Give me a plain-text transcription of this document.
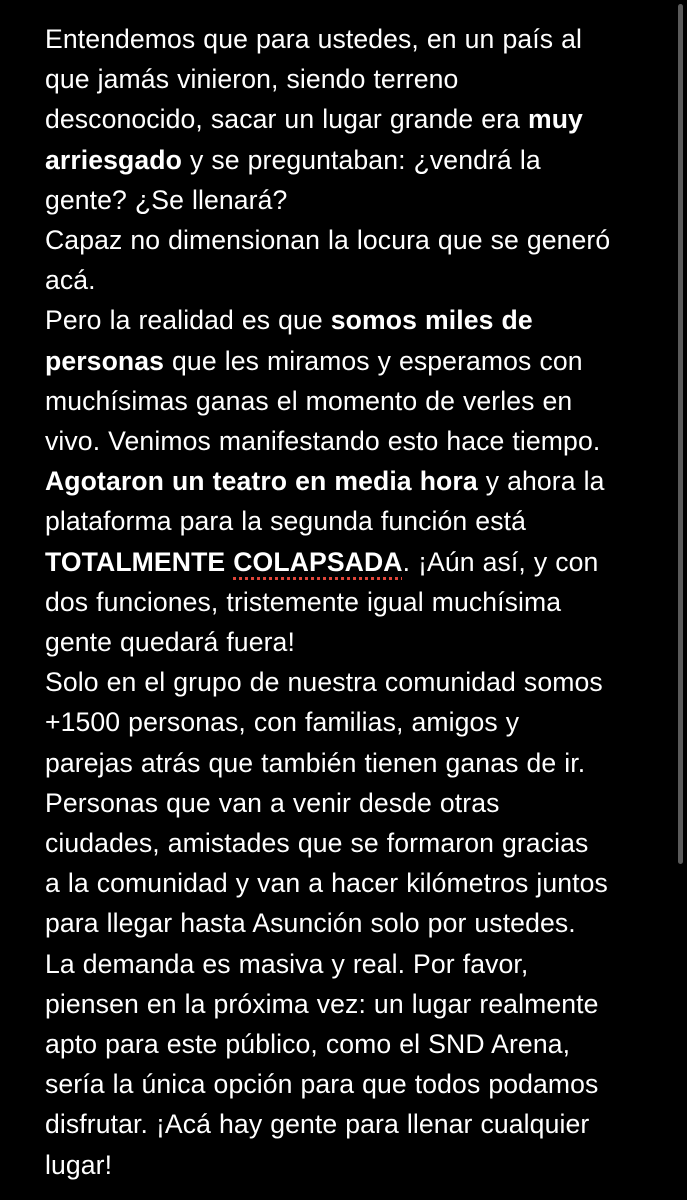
Entendemos que para ustedes, en un país al
que jamás vinieron, siendo terreno
desconocido, sacar un lugar grande era muy
arriesgado y se preguntaban: ¿vendrá la
gente? ¿Se llenará?
Capaz no dimensionan la locura que se generó
acá.
Pero la realidad es que somos miles de
personas que les miramos y esperamos con
muchísimas ganas el momento de verles en
vivo. Venimos manifestando esto hace tiempo.
Agotaron un teatro en media hora y ahora la
plataforma para la segunda función está
TOTALMENTE COLAPSADA. ¡Aún así, y con
dos funciones, tristemente igual muchísima
gente quedará fuera!
Solo en el grupo de nuestra comunidad somos
+1500 personas, con familias, amigos y
parejas atrás que también tienen ganas de ir.
Personas que van a venir desde otras
ciudades, amistades que se formaron gracias
a la comunidad y van a hacer kilómetros juntos
para llegar hasta Asunción solo por ustedes.
La demanda es masiva y real. Por favor,
piensen en la próxima vez: un lugar realmente
apto para este público, como el SND Arena,
sería la única opción para que todos podamos
disfrutar. ¡Acá hay gente para llenar cualquier
lugar!
